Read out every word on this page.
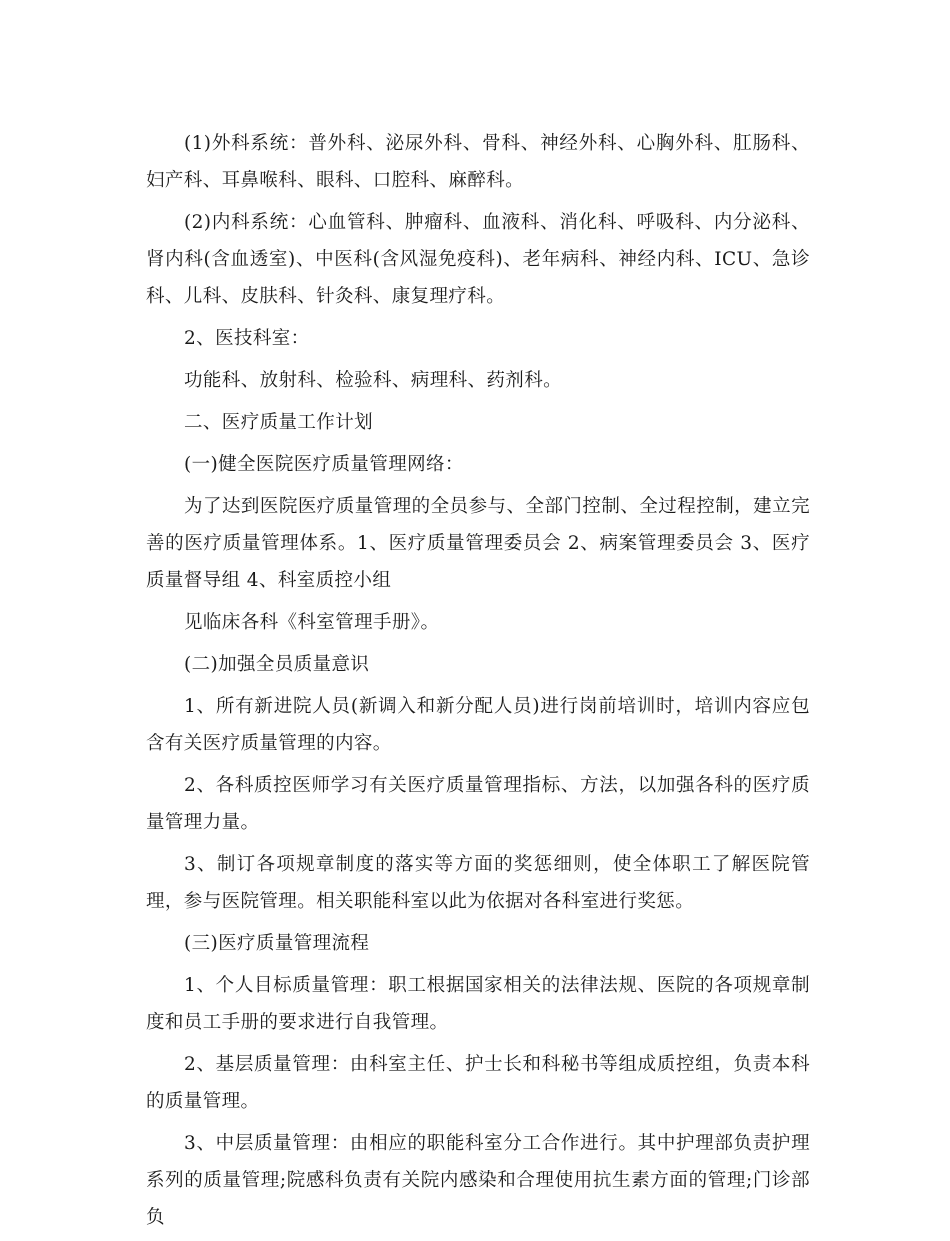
(1)外科系统：普外科、泌尿外科、骨科、神经外科、心胸外科、肛肠科、妇产科、耳鼻喉科、眼科、口腔科、麻醉科。

(2)内科系统：心血管科、肿瘤科、血液科、消化科、呼吸科、内分泌科、肾内科(含血透室)、中医科(含风湿免疫科)、老年病科、神经内科、ICU、急诊科、儿科、皮肤科、针灸科、康复理疗科。

2、医技科室：

功能科、放射科、检验科、病理科、药剂科。

二、医疗质量工作计划

(一)健全医院医疗质量管理网络：

为了达到医院医疗质量管理的全员参与、全部门控制、全过程控制，建立完善的医疗质量管理体系。1、医疗质量管理委员会 2、病案管理委员会 3、医疗质量督导组 4、科室质控小组

见临床各科《科室管理手册》。

(二)加强全员质量意识

1、所有新进院人员(新调入和新分配人员)进行岗前培训时，培训内容应包含有关医疗质量管理的内容。

2、各科质控医师学习有关医疗质量管理指标、方法，以加强各科的医疗质量管理力量。

3、制订各项规章制度的落实等方面的奖惩细则，使全体职工了解医院管理，参与医院管理。相关职能科室以此为依据对各科室进行奖惩。

(三)医疗质量管理流程

1、个人目标质量管理：职工根据国家相关的法律法规、医院的各项规章制度和员工手册的要求进行自我管理。

2、基层质量管理：由科室主任、护士长和科秘书等组成质控组，负责本科的质量管理。

3、中层质量管理：由相应的职能科室分工合作进行。其中护理部负责护理系列的质量管理;院感科负责有关院内感染和合理使用抗生素方面的管理;门诊部负
